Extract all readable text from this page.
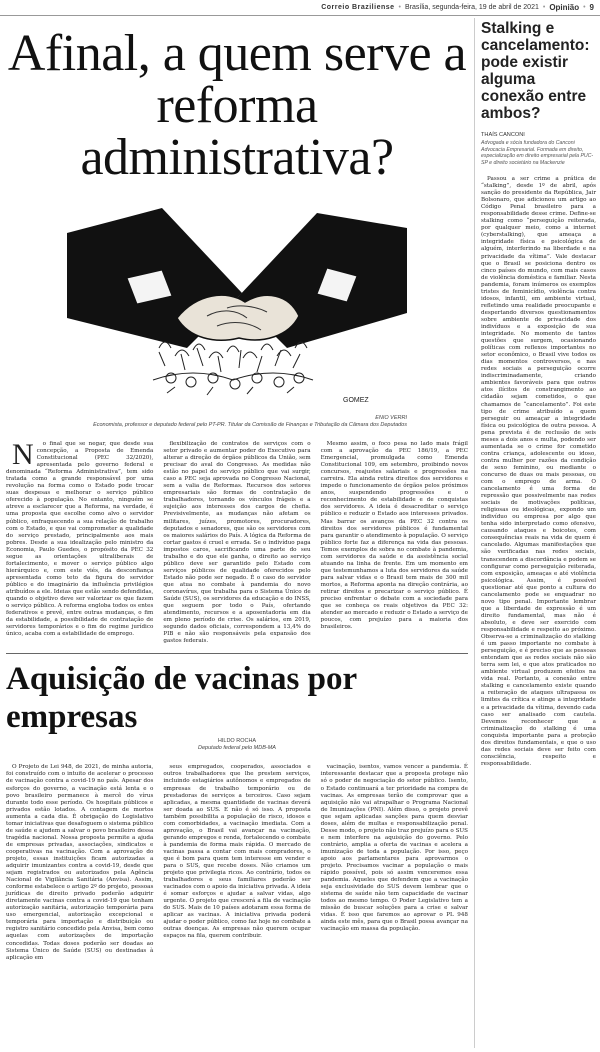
Correio Braziliense • Brasília, segunda-feira, 19 de abril de 2021 • Opinião • 9
Afinal, a quem serve a reforma administrativa?
GOMEZ
ENIO VERRI
Economista, professor e deputado federal pelo PT-PR. Titular da Comissão de Finanças e Tributação da Câmara dos Deputados

N o final que se negar, que desde sua concepção, a Proposta de Emenda Constitucional (PEC 32/2020), apresentada pelo governo federal e denominada “Reforma Administrativa”, tem sido tratada como a grande responsável por uma revolução na forma como o Estado pode trocar suas despesas e melhorar o serviço público oferecido à população. No entanto, ninguém se atreve a esclarecer que a Reforma, na verdade, é uma proposta que escolhe como alvo o servidor público, enfraquecendo a sua relação de trabalho com o Estado, e que vai comprometer a qualidade do serviço prestado, principalmente aos mais pobres. Desde a sua idealização pelo ministro da Economia, Paulo Guedes, o propósito da PEC 32 segue as orientações ultraliberais de fortalecimento, e mover o serviço público algo hierárquico e, com este viés, da desconfiança apresentada como teto da figura do servidor público e do imaginário da influência privilégios atribuídos a ele. Ideias que estão sendo defendidas, quando o objetivo deve ser valorizar os que fazem o serviço público. A reforma engloba todos os entes federativos e prevê, entre outras mudanças, o fim da estabilidade, a possibilidade de contratação de servidores temporários e o fim do regime jurídico único, acaba com a estabilidade de emprego.

flexibilização de contratos de serviços com o setor privado e aumentar poder do Executivo para alterar a direção de órgãos públicos da União, sem precisar do aval do Congresso. As medidas não estão no papel do serviço público que vai surgir, caso a PEC seja aprovada no Congresso Nacional, sem a valia de Reformas. Recursos dos setores empresariais são formas de contratação de trabalhadores, tornando os vínculos frágeis e a sujeição aos interesses dos cargos de chefia. Previsivelmente, as mudanças não afetam os militares, juízes, promotores, procuradores, deputados e senadores, que são os servidores com os maiores salários do País. A lógica da Reforma de cortar gastos é cruel e errada. Se o indivíduo paga impostos caros, sacrificando uma parte do seu trabalho e do que ele ganha, o direito ao serviço público deve ser garantido pelo Estado com serviços públicos de qualidade oferecidos pelo Estado não pode ser negado. É o caso do servidor que atua no combate à pandemia do novo coronavírus, que trabalha para o Sistema Único de Saúde (SUS), os servidores da educação e do INSS, que seguem por todo o País, ofertando atendimento, recursos e a aposentadoria em dia em pleno período de crise. Os salários, em 2019, segundo dados oficiais, correspondem a 13,4% do PIB e não são responsáveis pela expansão dos gastos federais.

Mesmo assim, o foco pesa no lado mais frágil com a aprovação da PEC 186/19, a PEC Emergencial, promulgada como Emenda Constitucional 109, em setembro, proibindo novos concursos, reajustes salariais e progressões na carreira. Ela ainda retira direitos dos servidores e impede o funcionamento de órgãos pelos próximos anos, suspendendo progressões e o reconhecimento de estabilidade e de conquistas dos servidores. A ideia é desacreditar o serviço público e reduzir o Estado aos interesses privados. Mas barrar os avanços da PEC 32 contra os direitos dos servidores públicos é fundamental para garantir o atendimento à população. O serviço público forte faz a diferença na vida das pessoas. Temos exemplos de sobra no combate à pandemia, com servidores da saúde e da assistência social atuando na linha de frente. Em um momento em que testemunhamos a luta dos servidores da saúde para salvar vidas e o Brasil tem mais de 300 mil mortos, a Reforma aponta na direção contrária, ao retirar direitos e precarizar o serviço público. É preciso enfrentar o debate com a sociedade para que se conheça os reais objetivos da PEC 32: atender ao mercado e reduzir o Estado a serviço de poucos, com prejuízo para a maioria dos brasileiros.

Aquisição de vacinas por empresas
HILDO ROCHA
Deputado federal pelo MDB-MA

O Projeto de Lei 948, de 2021, de minha autoria, foi construído com o intuito de acelerar o processo de vacinação contra a covid-19 no país. Apesar dos esforços do governo, a vacinação está lenta e o povo brasileiro permanece à mercê do vírus durante todo esse período. Os hospitais públicos e privados estão lotados. A contagem de mortos aumenta a cada dia. É obrigação do Legislativo tomar iniciativas que desafoguem o sistema público de saúde e ajudem a salvar o povo brasileiro dessa tragédia nacional. Nossa proposta permite a ajuda de empresas privadas, associações, sindicatos e cooperativas na vacinação. Com a aprovação do projeto, essas instituições ficam autorizadas a adquirir imunizantes contra a covid-19, desde que sejam registrados ou autorizados pela Agência Nacional de Vigilância Sanitária (Anvisa). Assim, conforme estabelece o artigo 2º do projeto, pessoas jurídicas de direito privado poderão adquirir diretamente vacinas contra a covid-19 que tenham autorização sanitária, autorização temporária para uso emergencial, autorização excepcional e temporária para importação e distribuição ou registro sanitário concedido pela Anvisa, bem como aquelas com autorizações de importação concedidas. Todas doses poderão ser doadas ao Sistema Único de Saúde (SUS) ou destinadas à aplicação em

seus empregados, cooperados, associados e outros trabalhadores que lhe prestem serviços, incluindo estagiários autônomos e empregados de empresas de trabalho temporário ou de prestadoras de serviços a terceiros. Caso sejam aplicadas, a mesma quantidade de vacinas deverá ser doada ao SUS. E não é só isso. A proposta também possibilita a população de risco, idosos e com comorbidades, a vacinação imediata. Com a aprovação, o Brasil vai avançar na vacinação, gerando empregos e renda, fortalecendo o combate à pandemia de forma mais rápida. O mercado de vacinas passa a contar com mais compradores, o que é bom para quem tem interesse em vender e para o SUS, que recebe doses. Não criamos um projeto que privilegia ricos. Ao contrário, todos os trabalhadores e seus familiares poderão ser vacinados com o apoio da iniciativa privada. A ideia é somar esforços e ajudar a salvar vidas, algo urgente. O projeto que crescerá a fila de vacinação do SUS. Mais de 10 países adotaram essa forma de aplicar as vacinas. A iniciativa privada poderá ajudar o poder público, como faz hoje no combate a outras doenças. As empresas não querem ocupar espaços na fila, querem contribuir.

vacinação, isentos, vamos vencer a pandemia. É interessante destacar que a proposta protege não só o poder de negociação do setor público. Isento, o Estado continuará a ter prioridade na compra de vacinas. As empresas terão de comprovar que a aquisição não vai atrapalhar o Programa Nacional de Imunizações (PNI). Além disso, o projeto prevê que sejam aplicadas sanções para quem desviar doses, além de multas e responsabilização penal. Desse modo, o projeto não traz prejuízo para o SUS e nem interfere na aquisição do governo. Pelo contrário, amplia a oferta de vacinas e acelera a imunização de toda a população. Por isso, peço apoio aos parlamentares para aprovarmos o projeto. Precisamos vacinar a população o mais rápido possível, pois só assim venceremos essa pandemia. Aqueles que defendem que a vacinação seja exclusividade do SUS devem lembrar que o sistema de saúde não tem capacidade de vacinar todos ao mesmo tempo. O Poder Legislativo tem a missão de buscar soluções para a crise e salvar vidas. É isso que faremos ao aprovar o PL 948 ainda este mês, para que o Brasil possa avançar na vacinação em massa da população.

Stalking e cancelamento: pode existir alguma conexão entre ambos?
THAÍS CANCONI
Advogada e sócia fundadora do Canconi Advocacia Empresarial. Formada em direito, especialização em direito empresarial pela PUC-SP e direito societário na Mackenzie

Passou a ser crime a prática de “stalking”, desde 1º de abril, após sanção do presidente da República, Jair Bolsonaro, que adicionou um artigo ao Código Penal brasileiro para a responsabilidade desse crime. Define-se stalking como “perseguição reiterada, por qualquer meio, como a internet (cyberstalking), que ameaça a integridade física e psicológica de alguém, interferindo na liberdade e na privacidade da vítima”. Vale destacar que o Brasil se posiciona dentro os cinco países do mundo, com mais casos de violência doméstica e familiar. Nesta pandemia, foram inúmeros os exemplos tristes de feminicídio, violência contra idosos, infantil, em ambiente virtual, refletindo uma realidade preocupante e despertando diversos questionamentos sobre ambiente de privacidade dos indivíduos e a exposição de sua integridade. No momento de tantos questões que surgem, ocasionando políticas com reflexos importantes no setor econômico, o Brasil vive todos os dias momentos controversos, e nas redes sociais a perseguição ocorre indiscriminadamente, criando ambientes favoráveis para que outros atos ilícitos de constrangimento ao cidadão sejam cometidos, o que chamamos de “cancelamento”. Foi este tipo de crime atribuído a quem perseguir ou ameaçar a integridade física ou psicológica de outra pessoa. A pena prevista é de reclusão de seis meses a dois anos e multa, podendo ser aumentada se o crime for cometido contra criança, adolescente ou idoso, contra mulher por razões da condição de sexo feminino, ou mediante o concurso de duas ou mais pessoas, ou com o emprego de arma. O cancelamento é uma forma de repressão que possivelmente nas redes sociais de motivações políticas, religiosas ou ideológicas, expondo um indivíduo ou empresa por algo que tenha sido interpretado como ofensivo, causando ataques e boicotes, com consequências reais na vida de quem é cancelado. Algumas manifestações que são verificadas nas redes sociais, transcendem a discordância e podem se configurar como perseguição reiterada, com exposição, ameaças e até violência psicológica. Assim, é possível questionar até que ponto a cultura do cancelamento pode se enquadrar no novo tipo penal. Importante lembrar que a liberdade de expressão é um direito fundamental, mas não é absoluto, e deve ser exercido com responsabilidade e respeito ao próximo. Observa-se a criminalização do stalking é um passo importante no combate à perseguição, e é preciso que as pessoas entendam que as redes sociais não são terra sem lei, e que atos praticados no ambiente virtual produzem efeitos na vida real. Portanto, a conexão entre stalking e cancelamento existe quando a reiteração de ataques ultrapassa os limites da crítica e atinge a integridade e a privacidade da vítima, devendo cada caso ser analisado com cautela. Devemos reconhecer que a criminalização do stalking é uma conquista importante para a proteção dos direitos fundamentais, e que o uso das redes sociais deve ser feito com consciência, respeito e responsabilidade.
